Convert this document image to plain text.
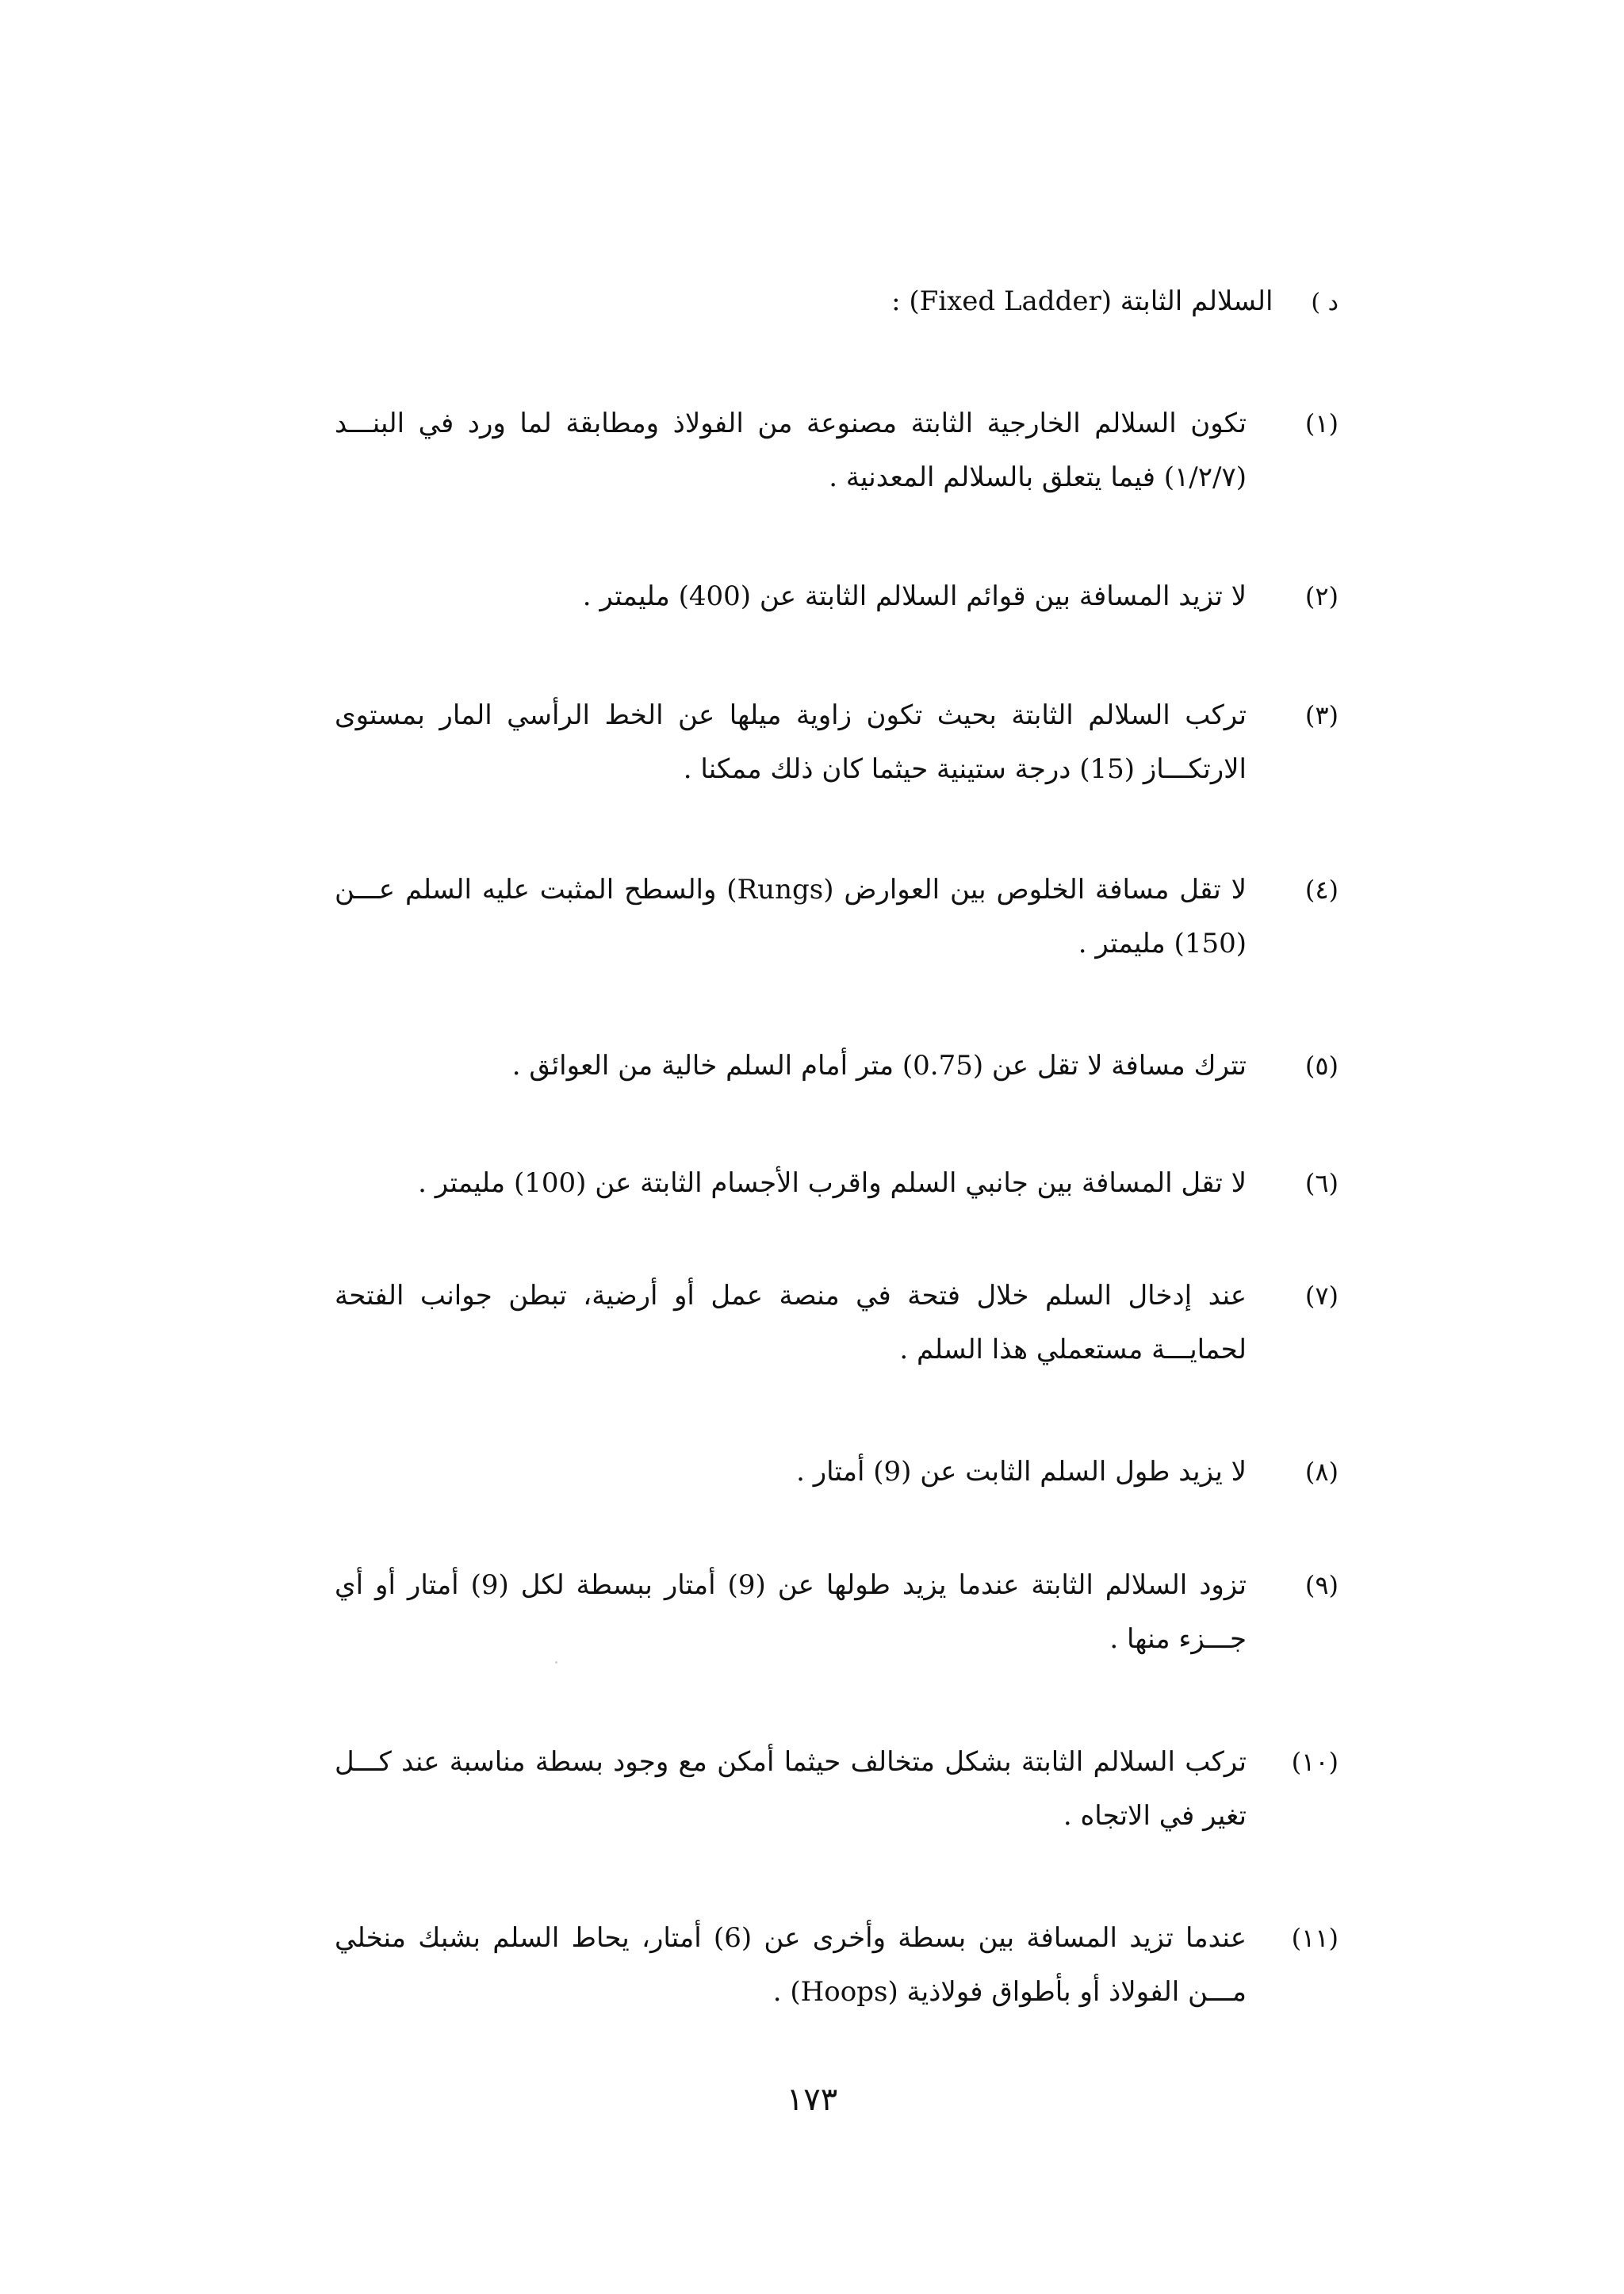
د )
السلالم الثابتة (Fixed Ladder) :
(١)
تكون السلالم الخارجية الثابتة مصنوعة من الفولاذ ومطابقة لما ورد في البنـــد (١/٢/٧) فيما يتعلق بالسلالم المعدنية .
(٢)
لا تزيد المسافة بين قوائم السلالم الثابتة عن (400) مليمتر .
(٣)
تركب السلالم الثابتة بحيث تكون زاوية ميلها عن الخط الرأسي المار بمستوى الارتكـــاز (15) درجة ستينية حيثما كان ذلك ممكنا .
(٤)
لا تقل مسافة الخلوص بين العوارض (Rungs) والسطح المثبت عليه السلم عـــن (150) مليمتر .
(٥)
تترك مسافة لا تقل عن (0.75) متر أمام السلم خالية من العوائق .
(٦)
لا تقل المسافة بين جانبي السلم واقرب الأجسام الثابتة عن (100) مليمتر .
(٧)
عند إدخال السلم خلال فتحة في منصة عمل أو أرضية، تبطن جوانب الفتحة لحمايـــة مستعملي هذا السلم .
(٨)
لا يزيد طول السلم الثابت عن (9) أمتار .
(٩)
تزود السلالم الثابتة عندما يزيد طولها عن (9) أمتار ببسطة لكل (9) أمتار أو أي جـــزء منها .
(١٠)
تركب السلالم الثابتة بشكل متخالف حيثما أمكن مع وجود بسطة مناسبة عند كـــل تغير في الاتجاه .
(١١)
عندما تزيد المسافة بين بسطة وأخرى عن (6) أمتار، يحاط السلم بشبك منخلي مـــن الفولاذ أو بأطواق فولاذية (Hoops) .
١٧٣
